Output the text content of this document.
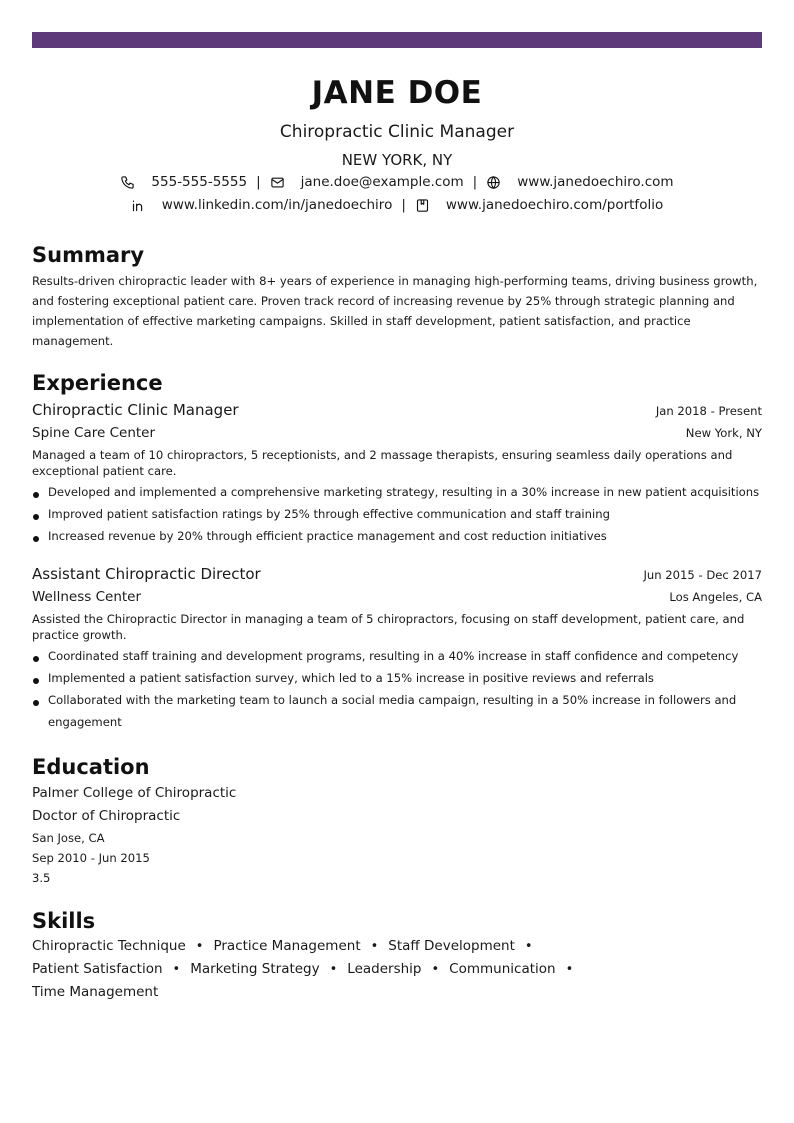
JANE DOE
Chiropractic Clinic Manager
NEW YORK, NY
555-555-5555 |	jane.doe@example.com |	www.janedoechiro.com
www.linkedin.com/in/janedoechiro |	www.janedoechiro.com/portfolio
Summary
Results-driven chiropractic leader with 8+ years of experience in managing high-performing teams, driving business growth, and fostering exceptional patient care. Proven track record of increasing revenue by 25% through strategic planning and implementation of effective marketing campaigns. Skilled in staff development, patient satisfaction, and practice management.
Experience
Chiropractic Clinic Manager	Jan 2018 - Present
Spine Care Center	New York, NY
Managed a team of 10 chiropractors, 5 receptionists, and 2 massage therapists, ensuring seamless daily operations and exceptional patient care.
Developed and implemented a comprehensive marketing strategy, resulting in a 30% increase in new patient acquisitions
Improved patient satisfaction ratings by 25% through effective communication and staff training
Increased revenue by 20% through efficient practice management and cost reduction initiatives
Assistant Chiropractic Director	Jun 2015 - Dec 2017
Wellness Center	Los Angeles, CA
Assisted the Chiropractic Director in managing a team of 5 chiropractors, focusing on staff development, patient care, and practice growth.
Coordinated staff training and development programs, resulting in a 40% increase in staff confidence and competency
Implemented a patient satisfaction survey, which led to a 15% increase in positive reviews and referrals
Collaborated with the marketing team to launch a social media campaign, resulting in a 50% increase in followers and engagement
Education
Palmer College of Chiropractic
Doctor of Chiropractic
San Jose, CA
Sep 2010 - Jun 2015
3.5
Skills
Chiropractic Technique •	Practice Management •	Staff Development •
Patient Satisfaction •	Marketing Strategy •	Leadership •	Communication •
Time Management
